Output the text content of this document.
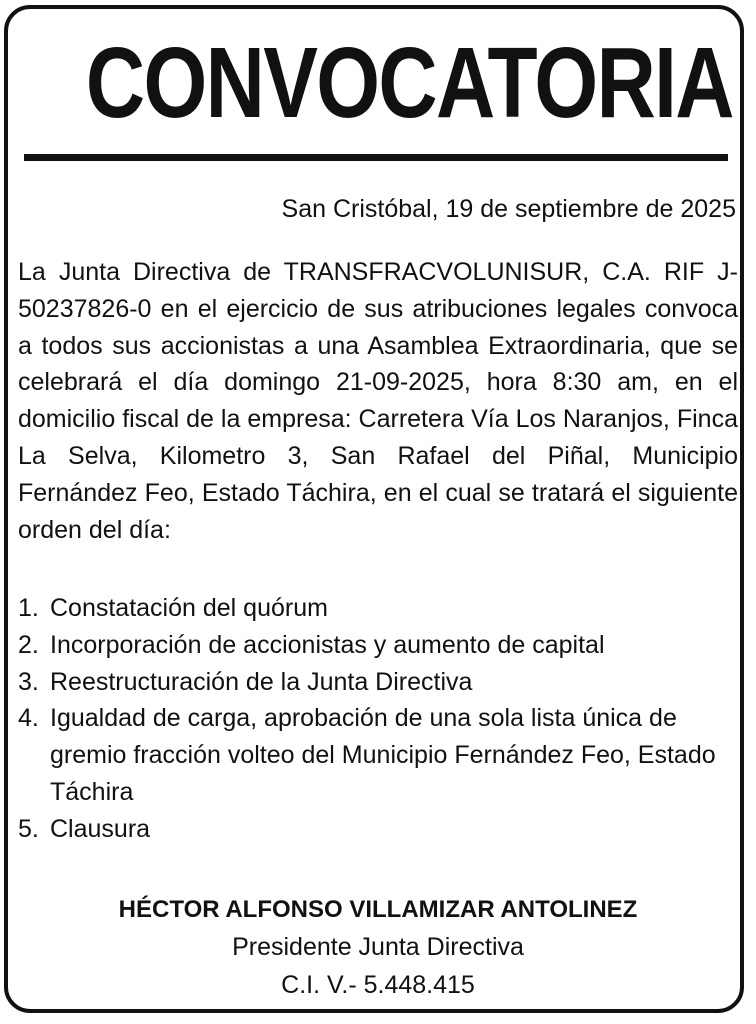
CONVOCATORIA
San Cristóbal, 19 de septiembre de 2025

La Junta Directiva de TRANSFRACVOLUNISUR, C.A. RIF J-50237826-0 en el ejercicio de sus atribuciones legales convoca a todos sus accionistas a una Asamblea Extraordinaria, que se celebrará el día domingo 21-09-2025, hora 8:30 am, en el domicilio fiscal de la empresa: Carretera Vía Los Naranjos, Finca La Selva, Kilometro 3, San Rafael del Piñal, Municipio Fernández Feo, Estado Táchira, en el cual se tratará el siguiente orden del día:

1. Constatación del quórum
2. Incorporación de accionistas y aumento de capital
3. Reestructuración de la Junta Directiva
4. Igualdad de carga, aprobación de una sola lista única de gremio fracción volteo del Municipio Fernández Feo, Estado Táchira
5. Clausura
HÉCTOR ALFONSO VILLAMIZAR ANTOLINEZ
Presidente Junta Directiva
C.I. V.- 5.448.415
